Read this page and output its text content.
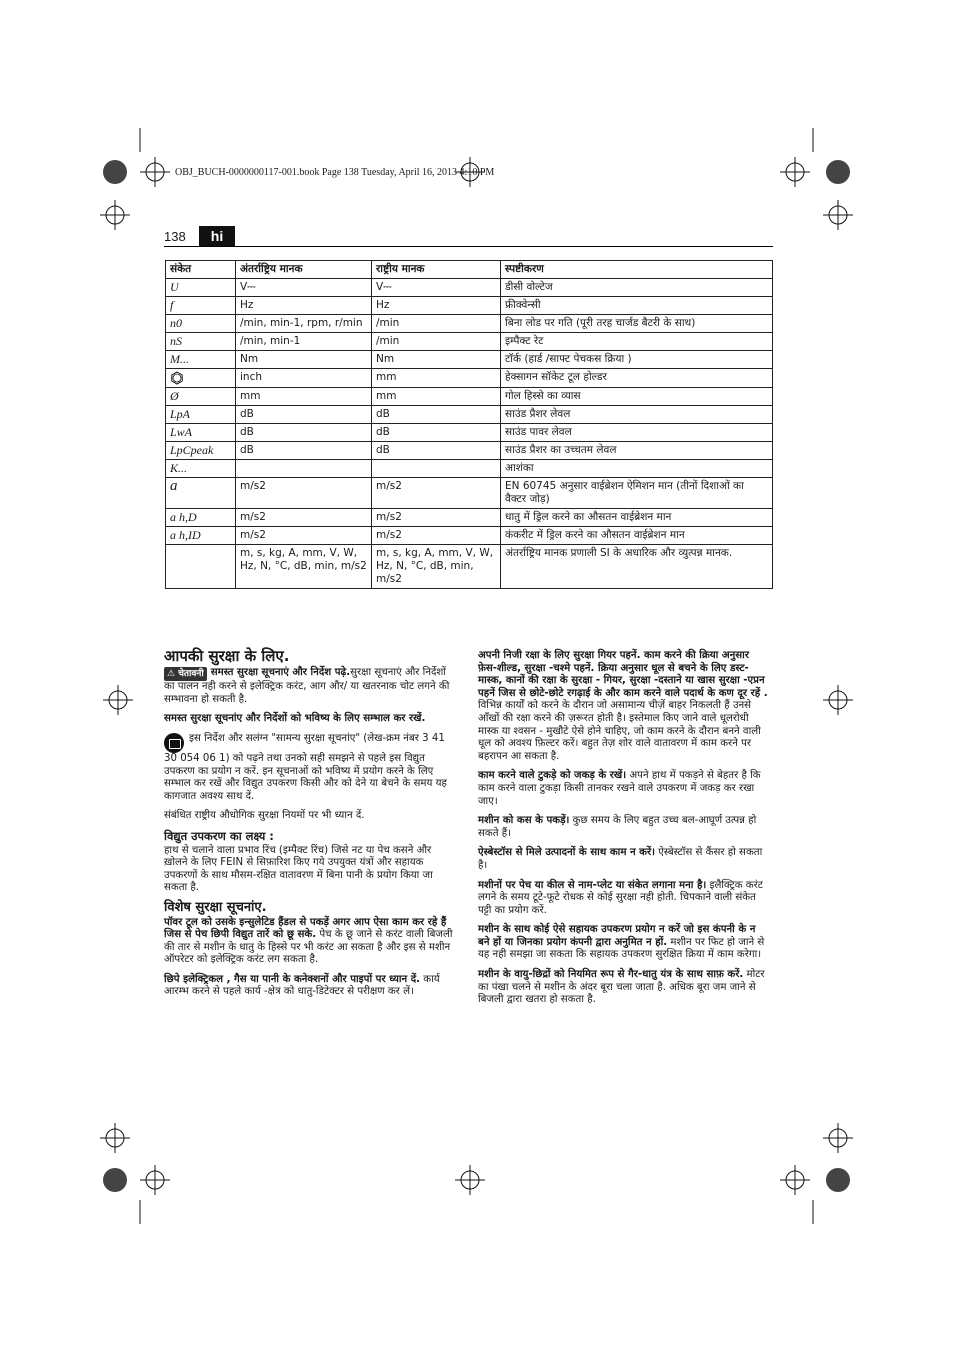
OBJ_BUCH-0000000117-001.book Page 138 Tuesday, April 16, 2013 4:10 PM
138	hi
संकेत	अंतर्राष्ट्रिय मानक	राष्ट्रीय मानक	स्पष्टीकरण
U	V⎓	V⎓	डीसी वोल्टेज
f	Hz	Hz	फ्रीक्वेन्सी
n0	/min, min-1, rpm, r/min	/min	बिना लोड पर गति (पूरी तरह चार्जड बैटरी के साथ)
nS	/min, min-1	/min	इम्पैक्ट रेट
M...	Nm	Nm	टॉर्क (हार्ड /साफ्ट पेचकस क्रिया )
	inch	mm	हेक्सागन सॉकेट टूल होल्डर
Ø	mm	mm	गोल हिस्से का व्यास
LpA	dB	dB	साउंड प्रैशर लेवल
LwA	dB	dB	साउंड पावर लेवल
LpCpeak	dB	dB	साउंड प्रैशर का उच्चतम लेवल
K...			आशंका
a	m/s2	m/s2	EN 60745 अनुसार वाईब्रेशन ऐमिशन मान (तीनों दिशाओं का वैक्टर जोड़)
a h,D	m/s2	m/s2	धातु में ड्रिल करने का औसतन वाईब्रेशन मान
a h,ID	m/s2	m/s2	कंकरीट में ड्रिल करने का औसतन वाईब्रेशन मान
	m, s, kg, A, mm, V, W, Hz, N, °C, dB, min, m/s2	m, s, kg, A, mm, V, W, Hz, N, °C, dB, min, m/s2	अंतर्राष्ट्रिय मानक प्रणाली SI के अधारिक और व्युत्पन्न मानक.
आपकी सुरक्षा के लिए.

⚠ चेतावनी समस्त सुरक्षा सूचनाएं और निर्देश पढ़े.सुरक्षा सूचनाएं और निर्देशों का पालन नही करने से इलेक्ट्रिक करंट, आग और/ या खतरनाक चोट लगने की सम्भावना हो सकती है.

समस्त सुरक्षा सूचनांए और निर्देशों को भविष्य के लिए सम्भाल कर रखें.

इस निर्देश और सलंग्न "सामन्य सुरक्षा सूचनांए" (लेख-क्रम नंबर 3 41 30 054 06 1) को पढ़ने तथा उनको सही समझने से पहले इस विद्युत उपकरण का प्रयोग न करें. इन सूचनाओं को भविष्य में प्रयोग करने के लिए सम्भाल कर रखें और विद्युत उपकरण किसी और को देने या बेचने के समय यह कागजात अवश्य साथ दें.

संबंधित राष्ट्रीय औधोगिक सुरक्षा नियमों पर भी ध्यान दें.

विद्युत उपकरण का लक्ष्य :

हाथ से चलाने वाला प्रभाव रिंच (इम्पैक्ट रिंच) जिसे नट या पेच कसने और ख़ोलने के लिए FEIN से सिफ़ारिश किए गये उपयुक्त यंत्रों और सहायक उपकरणों के साथ मौसम-रक्षित वातावरण में बिना पानी के प्रयोग किया जा सकता है.

विशेष सुरक्षा सूचनांए.

पॉवर टूल को उसके इन्सुलेटिड हैंडल से पकड़ें अगर आप ऐसा काम कर रहे हैं जिस से पेच छिपी विद्युत तारें को छू सके. पेच के छू जाने से करंट वाली बिजली की तार से मशीन के धातु के हिस्से पर भी करंट आ सकता है और इस से मशीन ऑपरेटर को इलेक्ट्रिक करंट लग सकता है.

छिपे इलेक्ट्रिकल , गैस या पानी के कनेक्शनों और पाइपों पर ध्यान दें. कार्य आरम्भ करने से पहले कार्य -क्षेत्र को धातु-डिटेक्टर से परीक्षण कर लें।

अपनी निजी रक्षा के लिए सुरक्षा गियर पहनें. काम करने की क्रिया अनुसार फ़ेस-शील्ड, सुरक्षा -चश्मे पहनें. क्रिया अनुसार धूल से बचने के लिए डस्ट-मास्क, कानों की रक्षा के सुरक्षा - गियर, सुरक्षा -दस्ताने या खास सुरक्षा -एप्रन पहनें जिस से छोटे-छोटे रगढ़ाई के और काम करने वाले पदार्थ के कण दूर रहें . विभिन्न कार्यों को करने के दौरान जो असामान्य चीज़ें बाहर निकलती हैं उनसे आँखों की रक्षा करने की ज़रूरत होती है। इस्तेमाल किए जाने वाले धूलरोधी मास्क या श्वसन - मुखौटे ऐसे होने चाहिए, जो काम करने के दौरान बनने वाली धूल को अवश्य फ़िल्टर करें। बहुत तेज़ शोर वाले वातावरण में काम करने पर बहरापन आ सकता है.

काम करने वाले टुकड़े को जकड़ के रखें। अपने हाथ में पकड़ने से बेहतर है कि काम करने वाला टुकड़ा किसी तानकर रखने वाले उपकरण में जकड़ कर रखा जाए।

मशीन को कस के पकड़ें। कुछ समय के लिए बहुत उच्च बल-आघूर्ण उत्पन्न हो सकते हैं।

ऐस्बेस्टॉस से मिले उत्पादनों के साथ काम न करें। ऐस्बेस्टॉस से कैंसर हो सकता है।

मशीनों पर पेच या कील से नाम-प्लेट या संकेत लगाना मना है। इलैक्ट्रिक करंट लगने के समय टूटे-फूटे रोधक से कोई सुरक्षा नही होती. चिपकाने वाली संकेत पट्टी का प्रयोग करें.

मशीन के साथ कोई ऐसे सहायक उपकरण प्रयोग न करें जो इस कंपनी के न बने हों या जिनका प्रयोग कंपनी द्वारा अनुमित न हों. मशीन पर फिट हो जाने से यह नही समझा जा सकता कि सहायक उपकरण सुरक्षित क्रिया में काम करेगा।

मशीन के वायु-छिद्रों को नियमित रूप से गैर-धातु यंत्र के साथ साफ़ करें. मोटर का पंखा चलने से मशीन के अंदर बूरा चला जाता है. अधिक बूरा जम जाने से बिजली द्वारा खतरा हो सकता है.
